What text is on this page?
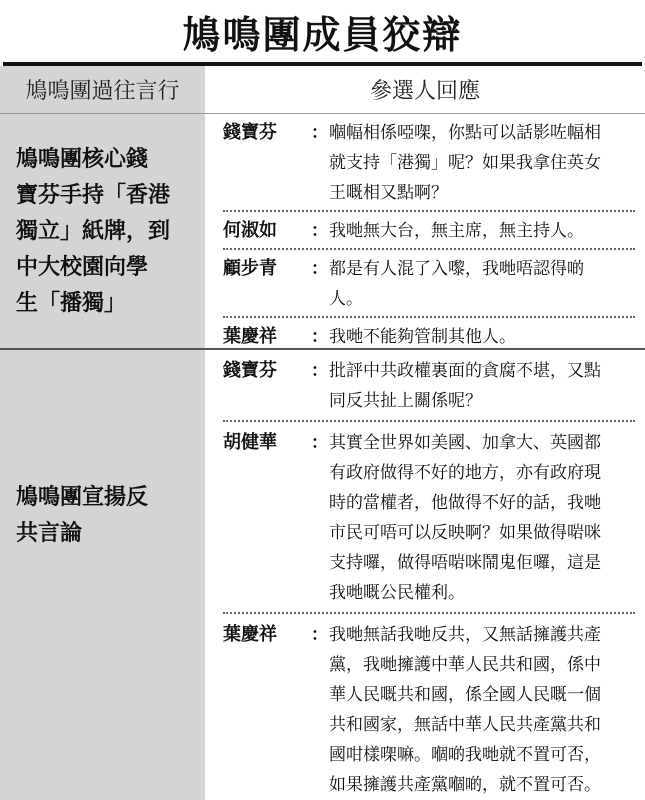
鳩鳴團成員狡辯
鳩鳴團過往言行	參選人回應
鳩鳴團核心錢
寶芬手持「香港
獨立」紙牌，到
中大校園向學
生「播獨」
錢寶芬	： 嗰幅相係啞㗎，你點可以話影咗幅相
就支持「港獨」呢？如果我拿住英女
王嘅相又點啊？
何淑如	： 我哋無大台，無主席，無主持人。
顧步青	： 都是有人混了入嚟，我哋唔認得啲
人。
葉慶祥	： 我哋不能夠管制其他人。
鳩鳴團宣揚反
共言論
錢寶芬	： 批評中共政權裏面的貪腐不堪，又點
同反共扯上關係呢？
胡健華	： 其實全世界如美國、加拿大、英國都
有政府做得不好的地方，亦有政府現
時的當權者，他做得不好的話，我哋
市民可唔可以反映啊？如果做得啱咪
支持囉，做得唔啱咪鬧鬼佢囉，這是
我哋嘅公民權利。
葉慶祥	： 我哋無話我哋反共，又無話擁護共產
黨，我哋擁護中華人民共和國，係中
華人民嘅共和國，係全國人民嘅一個
共和國家，無話中華人民共產黨共和
國咁樣㗎嘛。嗰啲我哋就不置可否，
如果擁護共產黨嗰啲，就不置可否。
